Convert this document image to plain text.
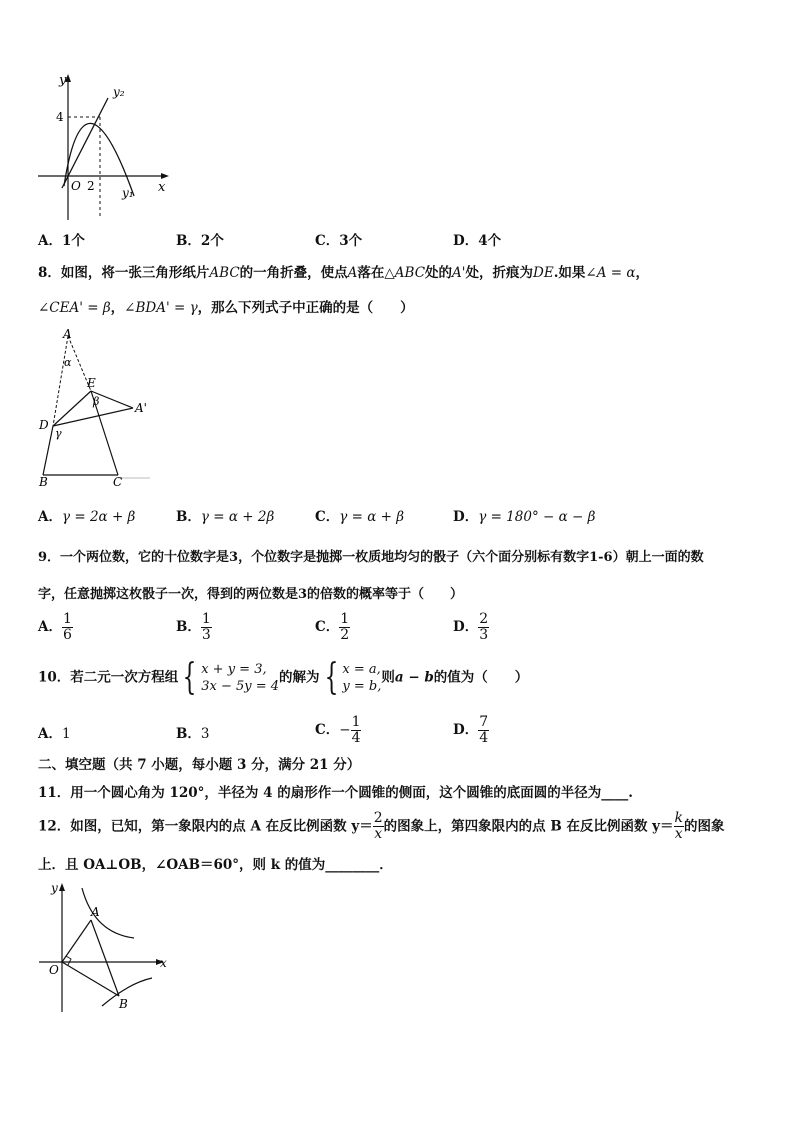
y
y₂
4
O 2	x
y₁
A．1个	B．2个	C．3个	D．4个
8．如图，将一张三角形纸片ABC的一角折叠，使点A落在△ABC处的A'处，折痕为DE.如果∠A = α，
∠CEA' = β，∠BDA' = γ，那么下列式子中正确的是（　　）
A
α
E
β	A'
D
γ
B	C
A．γ = 2α + β	B．γ = α + 2β	C．γ = α + β	D．γ = 180° − α − β
9．一个两位数，它的十位数字是3，个位数字是抛掷一枚质地均匀的骰子（六个面分别标有数字1-6）朝上一面的数
字，任意抛掷这枚骰子一次，得到的两位数是3的倍数的概率等于（　　）
A． $\frac{1}{6}$	B． $\frac{1}{3}$	C． $\frac{1}{2}$	D． $\frac{2}{3}$
10．若二元一次方程组 { x + y = 3,
3x − 5y = 4
的解为 { x = a,
y = b,
则a − b的值为（　　）
A．1	B．3	C．− $\frac{1}{4}$	D． $\frac{7}{4}$
二、填空题（共 7 小题，每小题 3 分，满分 21 分）
11．用一个圆心角为 120°，半径为 4 的扇形作一个圆锥的侧面，这个圆锥的底面圆的半径为____.
12．如图，已知，第一象限内的点 A 在反比例函数 $y= \frac{2}{x}$ 的图象上，第四象限内的点 B 在反比例函数 $y= \frac{k}{x}$ 的图象
上．且 OA⊥OB，∠OAB＝60°，则 k 的值为________．
y
x
O
A
B
